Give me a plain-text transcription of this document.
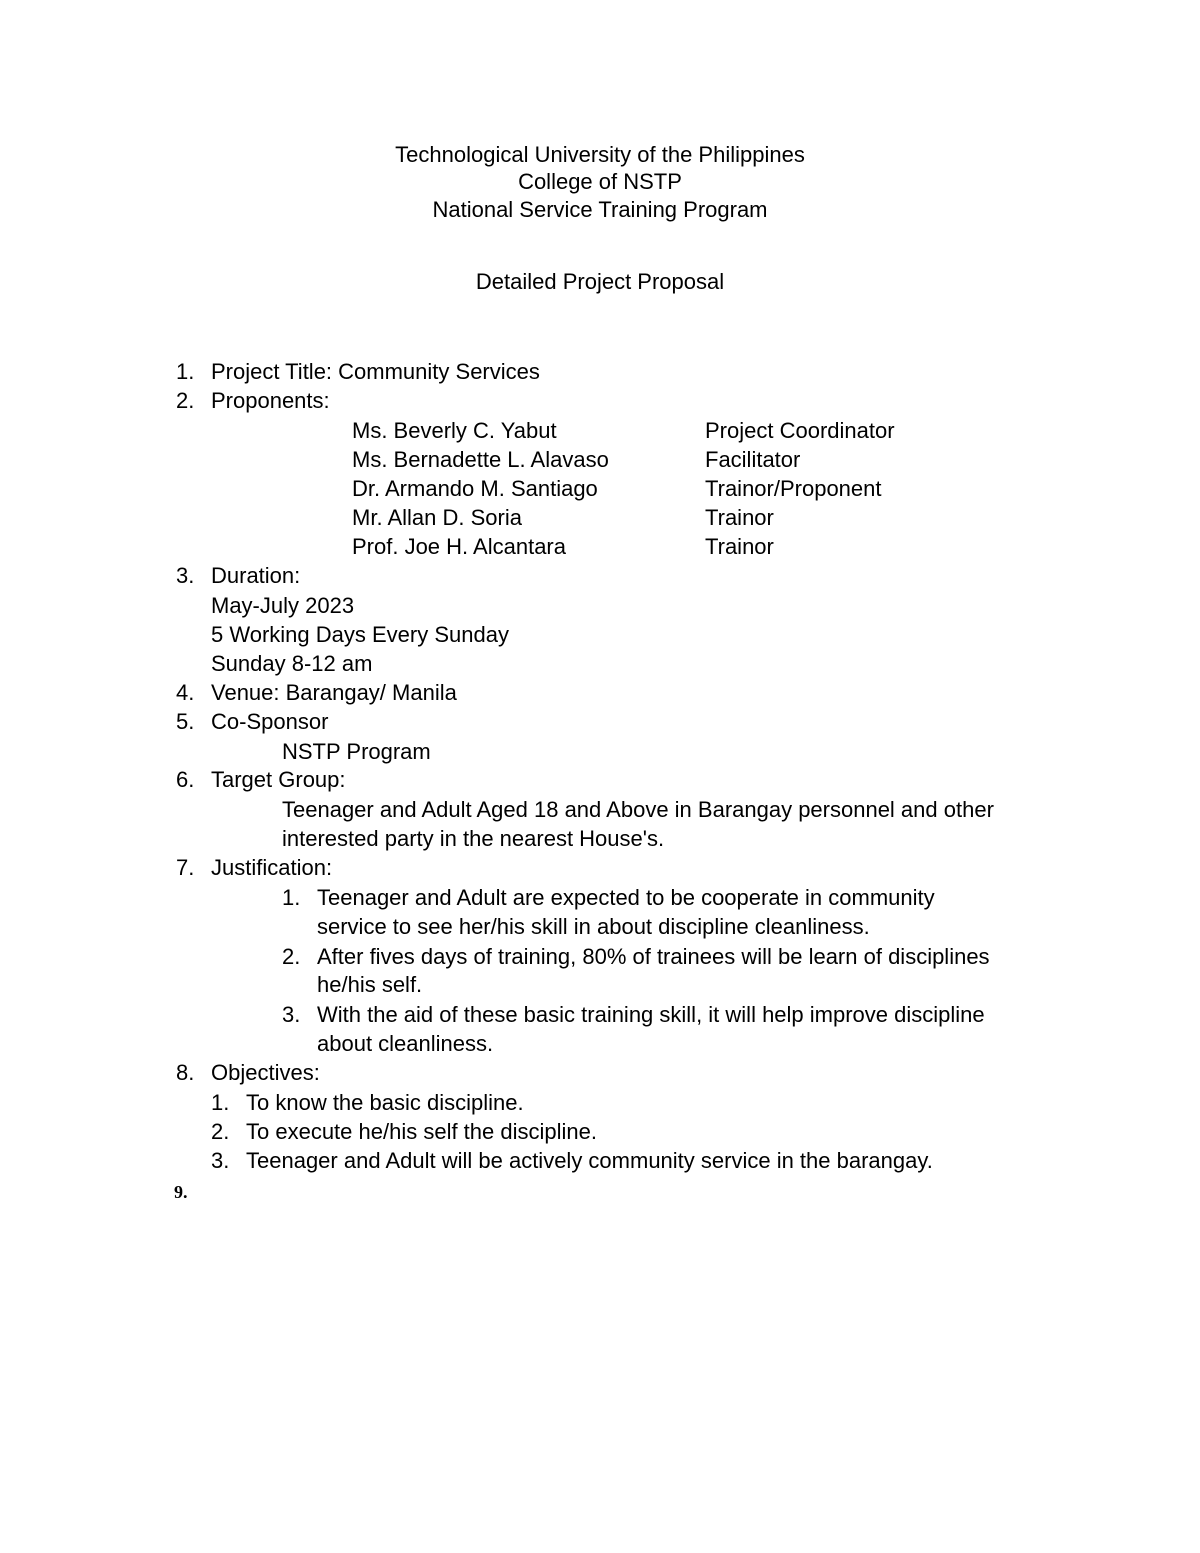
Technological University of the Philippines
College of NSTP
National Service Training Program
Detailed Project Proposal
1. Project Title: Community Services
2. Proponents:
Ms. Beverly C. Yabut	Project Coordinator
Ms. Bernadette L. Alavaso	Facilitator
Dr. Armando M. Santiago	Trainor/Proponent
Mr. Allan D. Soria	Trainor
Prof. Joe H. Alcantara	Trainor
3. Duration:
May-July 2023
5 Working Days Every Sunday
Sunday 8-12 am
4. Venue: Barangay/ Manila
5. Co-Sponsor
NSTP Program
6. Target Group:
Teenager and Adult Aged 18 and Above in Barangay personnel and other
interested party in the nearest House's.
7. Justification:
1. Teenager and Adult are expected to be cooperate in community
service to see her/his skill in about discipline cleanliness.
2. After fives days of training, 80% of trainees will be learn of disciplines
he/his self.
3. With the aid of these basic training skill, it will help improve discipline
about cleanliness.
8. Objectives:
1. To know the basic discipline.
2. To execute he/his self the discipline.
3. Teenager and Adult will be actively community service in the barangay.
9.
